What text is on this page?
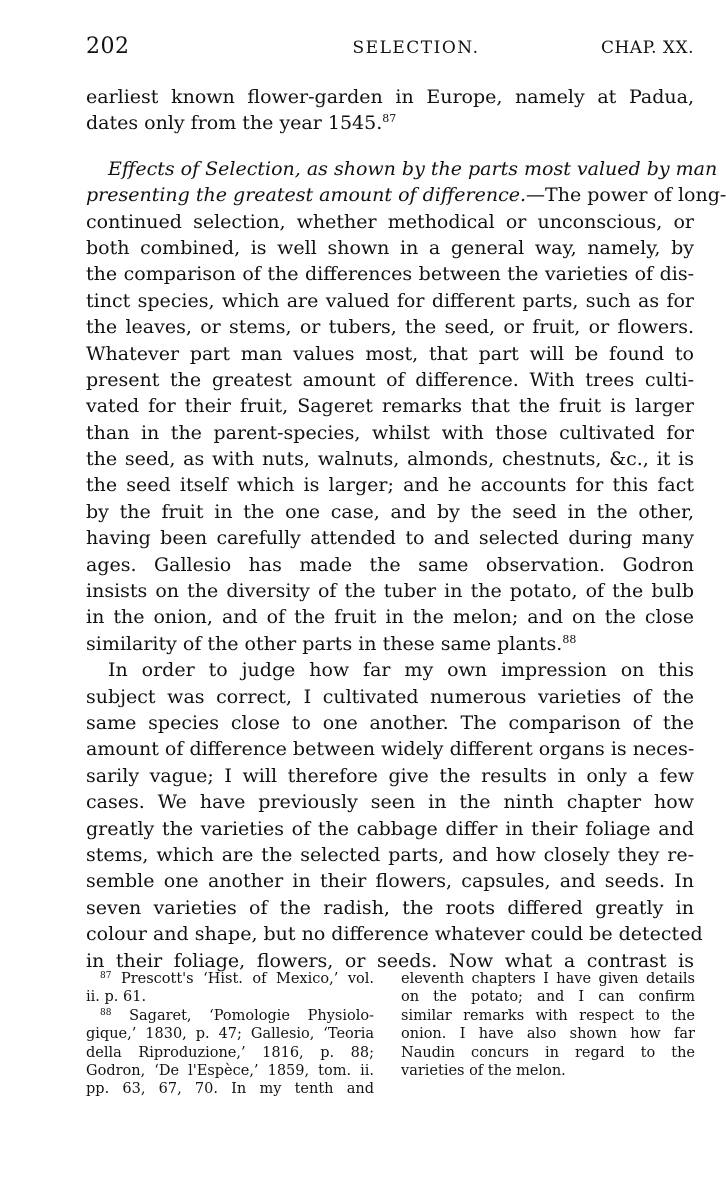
202	SELECTION.	CHAP. XX.
earliest known flower-garden in Europe, namely at Padua,
dates only from the year 1545.87
Effects of Selection, as shown by the parts most valued by man
presenting the greatest amount of difference.—The power of long-
continued selection, whether methodical or unconscious, or
both combined, is well shown in a general way, namely, by
the comparison of the differences between the varieties of dis-
tinct species, which are valued for different parts, such as for
the leaves, or stems, or tubers, the seed, or fruit, or flowers.
Whatever part man values most, that part will be found to
present the greatest amount of difference. With trees culti-
vated for their fruit, Sageret remarks that the fruit is larger
than in the parent-species, whilst with those cultivated for
the seed, as with nuts, walnuts, almonds, chestnuts, &c., it is
the seed itself which is larger; and he accounts for this fact
by the fruit in the one case, and by the seed in the other,
having been carefully attended to and selected during many
ages. Gallesio has made the same observation. Godron
insists on the diversity of the tuber in the potato, of the bulb
in the onion, and of the fruit in the melon; and on the close
similarity of the other parts in these same plants.$^{88}$
In order to judge how far my own impression on this
subject was correct, I cultivated numerous varieties of the
same species close to one another. The comparison of the
amount of difference between widely different organs is neces-
sarily vague; I will therefore give the results in only a few
cases. We have previously seen in the ninth chapter how
greatly the varieties of the cabbage differ in their foliage and
stems, which are the selected parts, and how closely they re-
semble one another in their flowers, capsules, and seeds. In
seven varieties of the radish, the roots differed greatly in
colour and shape, but no difference whatever could be detected
in their foliage, flowers, or seeds. Now what a contrast is
$^{87}$ Prescott's ‘Hist. of Mexico,’ vol.
ii. p. 61.
$^{88}$ Sagaret, ‘Pomologie Physiolo-
gique,’ 1830, p. 47; Gallesio, ‘Teoria
della Riproduzione,’ 1816, p. 88;
Godron, ‘De l'Espèce,’ 1859, tom. ii.
pp. 63, 67, 70. In my tenth and
eleventh chapters I have given details
on the potato; and I can confirm
similar remarks with respect to the
onion. I have also shown how far
Naudin concurs in regard to the
varieties of the melon.
